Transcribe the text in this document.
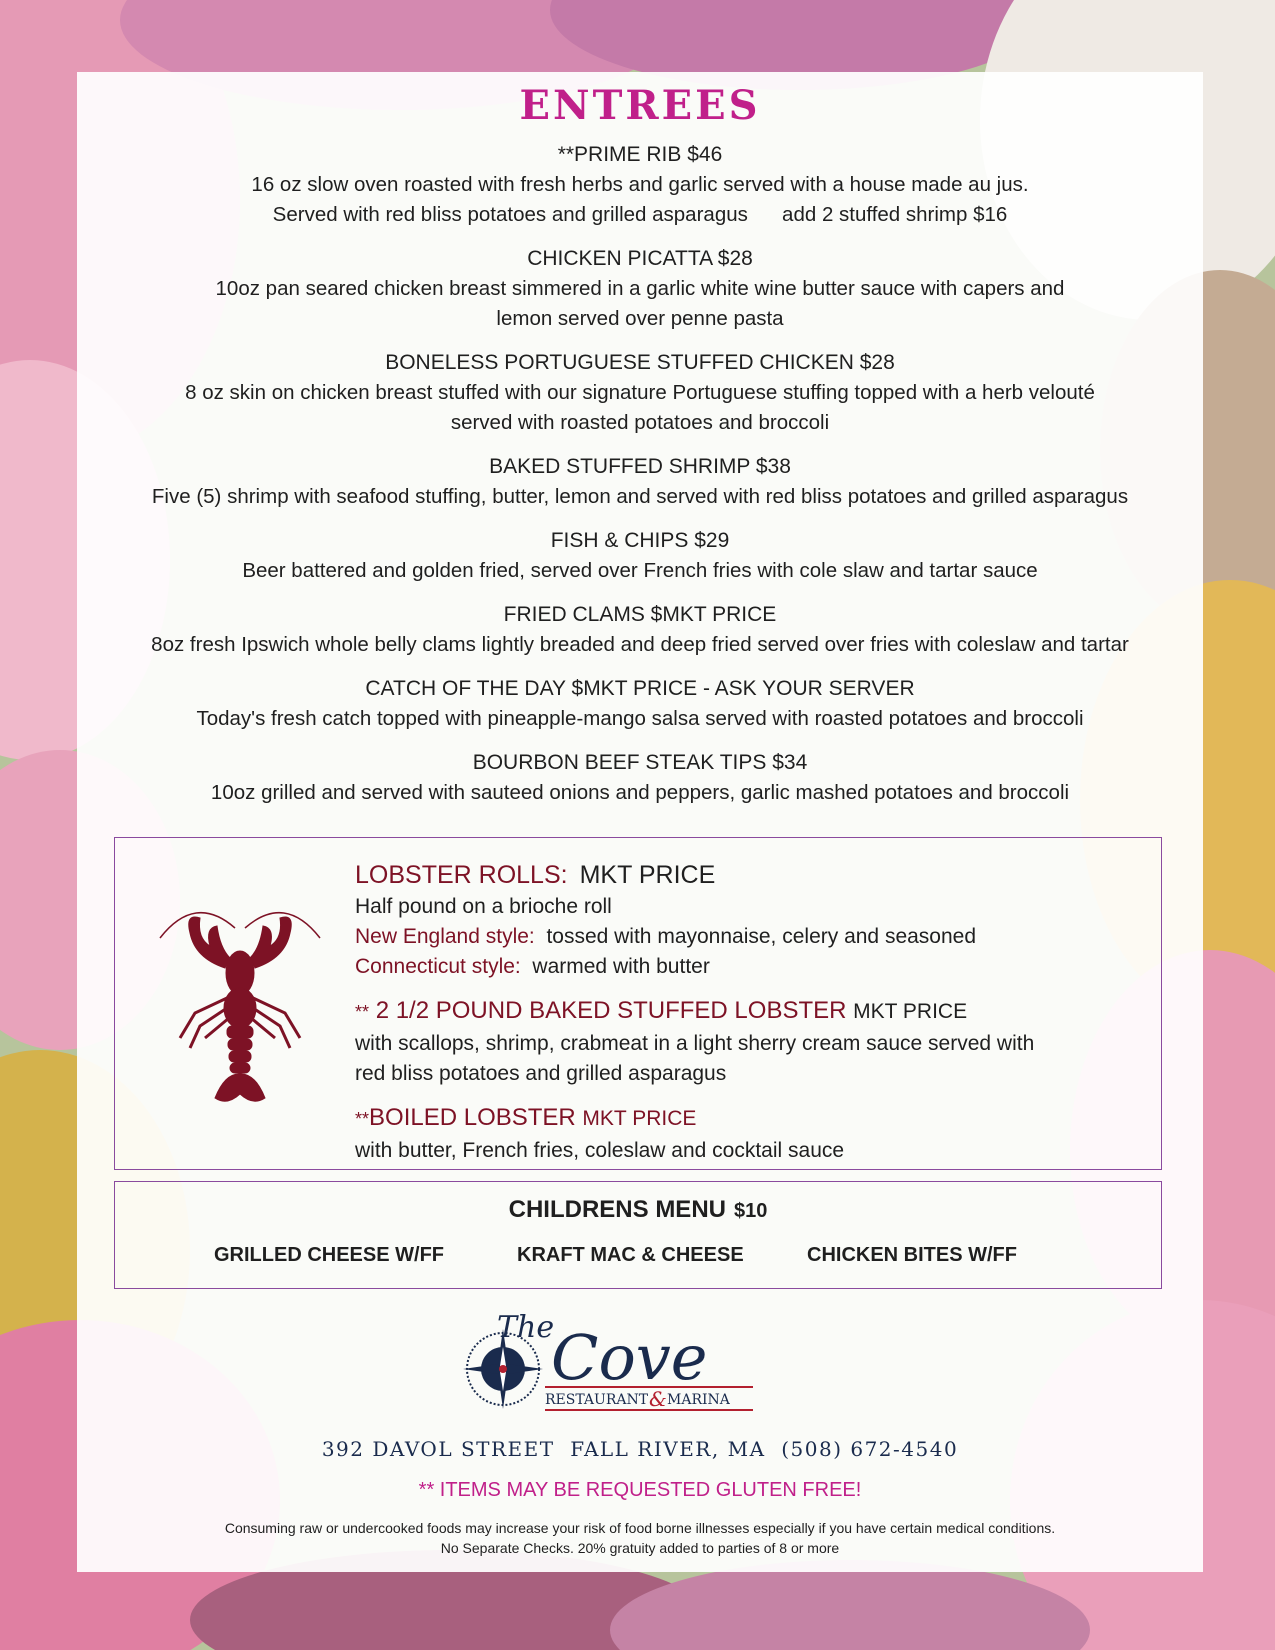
ENTREES
**PRIME RIB $46
16 oz slow oven roasted with fresh herbs and garlic served with a house made au jus.
Served with red bliss potatoes and grilled asparagus      add 2 stuffed shrimp $16
CHICKEN PICATTA $28
10oz pan seared chicken breast simmered in a garlic white wine butter sauce with capers and
lemon served over penne pasta
BONELESS PORTUGUESE STUFFED CHICKEN $28
8 oz skin on chicken breast stuffed with our signature Portuguese stuffing topped with a herb velouté
served with roasted potatoes and broccoli
BAKED STUFFED SHRIMP $38
Five (5) shrimp with seafood stuffing, butter, lemon and served with red bliss potatoes and grilled asparagus
FISH & CHIPS $29
Beer battered and golden fried, served over French fries with cole slaw and tartar sauce
FRIED CLAMS $MKT PRICE
8oz fresh Ipswich whole belly clams lightly breaded and deep fried served over fries with coleslaw and tartar
CATCH OF THE DAY $MKT PRICE - ASK YOUR SERVER
Today's fresh catch topped with pineapple-mango salsa served with roasted potatoes and broccoli
BOURBON BEEF STEAK TIPS $34
10oz grilled and served with sauteed onions and peppers, garlic mashed potatoes and broccoli
LOBSTER ROLLS: MKT PRICE
Half pound on a brioche roll
New England style: tossed with mayonnaise, celery and seasoned
Connecticut style: warmed with butter
** 2 1/2 POUND BAKED STUFFED LOBSTER MKT PRICE
with scallops, shrimp, crabmeat in a light sherry cream sauce served with
red bliss potatoes and grilled asparagus
**BOILED LOBSTER MKT PRICE
with butter, French fries, coleslaw and cocktail sauce
CHILDRENS MENU $10
GRILLED CHEESE W/FF	KRAFT MAC & CHEESE	CHICKEN BITES W/FF
The
Cove
RESTAURANT & MARINA
392 DAVOL STREET  FALL RIVER, MA  (508) 672-4540
** ITEMS MAY BE REQUESTED GLUTEN FREE!
Consuming raw or undercooked foods may increase your risk of food borne illnesses especially if you have certain medical conditions.
No Separate Checks. 20% gratuity added to parties of 8 or more
